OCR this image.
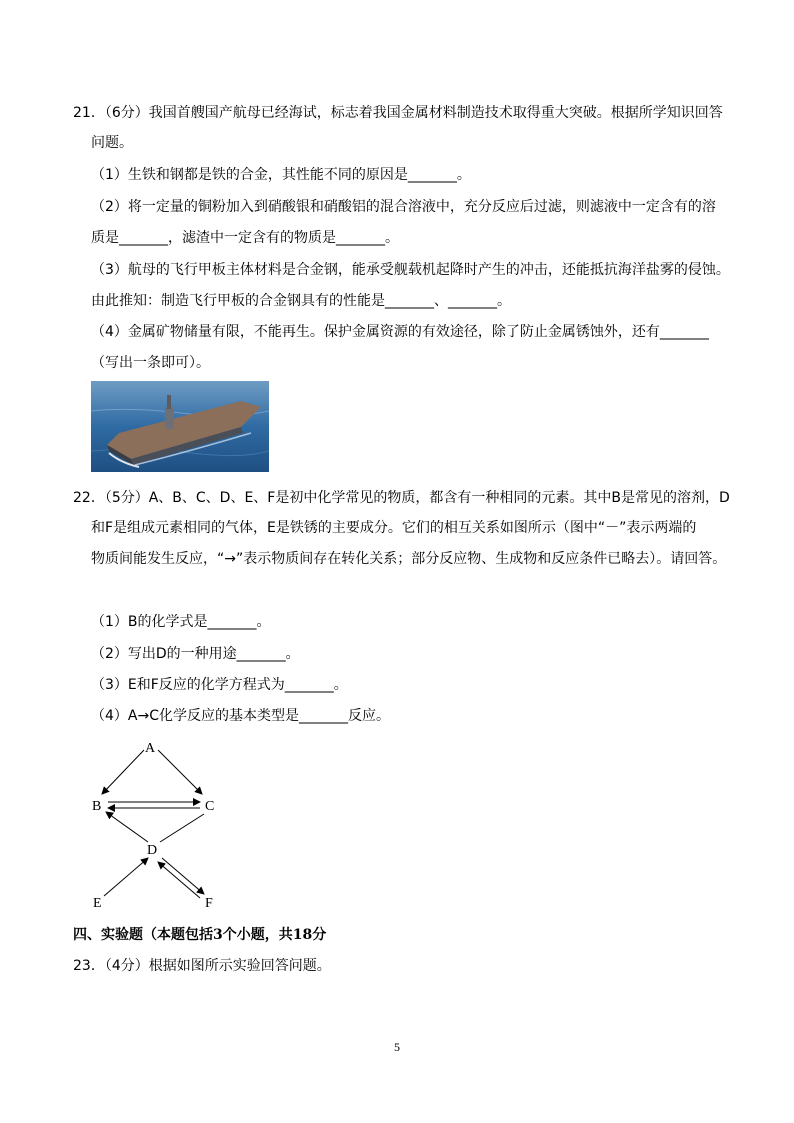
21．（6分）我国首艘国产航母已经海试，标志着我国金属材料制造技术取得重大突破。根据所学知识回答
问题。
（1）生铁和钢都是铁的合金，其性能不同的原因是_______。
（2）将一定量的铜粉加入到硝酸银和硝酸铝的混合溶液中，充分反应后过滤，则滤液中一定含有的溶
质是_______，滤渣中一定含有的物质是_______。
（3）航母的飞行甲板主体材料是合金钢，能承受舰载机起降时产生的冲击，还能抵抗海洋盐雾的侵蚀。
由此推知：制造飞行甲板的合金钢具有的性能是_______、_______。
（4）金属矿物储量有限，不能再生。保护金属资源的有效途径，除了防止金属锈蚀外，还有_______
（写出一条即可）。
22．（5分）A、B、C、D、E、F是初中化学常见的物质，都含有一种相同的元素。其中B是常见的溶剂，D
和F是组成元素相同的气体，E是铁锈的主要成分。它们的相互关系如图所示（图中“－”表示两端的
物质间能发生反应，“→”表示物质间存在转化关系；部分反应物、生成物和反应条件已略去）。请回答。
（1）B的化学式是_______。
（2）写出D的一种用途_______。
（3）E和F反应的化学方程式为_______。
（4）A→C化学反应的基本类型是_______反应。
A
B	C
D
E	F
四、实验题（本题包括3个小题，共18分
23．（4分）根据如图所示实验回答问题。
5
